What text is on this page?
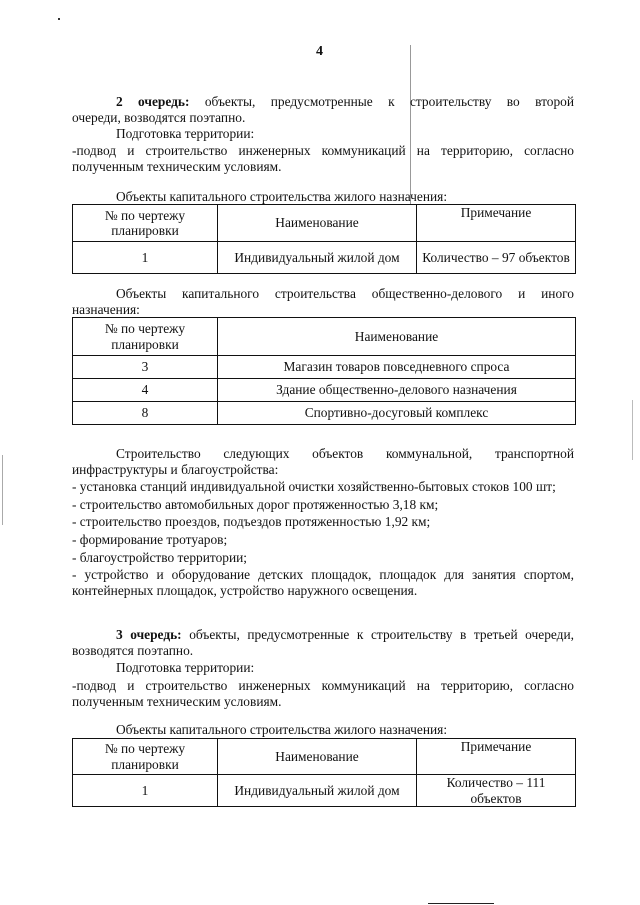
4
2 очередь: объекты, предусмотренные к строительству во второй
очереди, возводятся поэтапно.
Подготовка территории:
-подвод и строительство инженерных коммуникаций на территорию, согласно
полученным техническим условиям.
Объекты капитального строительства жилого назначения:
№ по чертежу планировки	Наименование	Примечание
1	Индивидуальный жилой дом	Количество – 97 объектов
Объекты капитального строительства общественно-делового и иного
назначения:
№ по чертежу планировки	Наименование
3	Магазин товаров повседневного спроса
4	Здание общественно-делового назначения
8	Спортивно-досуговый комплекс
Строительство следующих объектов коммунальной, транспортной
инфраструктуры и благоустройства:
- установка станций индивидуальной очистки хозяйственно-бытовых стоков 100 шт;
- строительство автомобильных дорог протяженностью 3,18 км;
- строительство проездов, подъездов протяженностью 1,92 км;
- формирование тротуаров;
- благоустройство территории;
- устройство и оборудование детских площадок, площадок для занятия спортом, контейнерных площадок, устройство наружного освещения.
3 очередь: объекты, предусмотренные к строительству в третьей очереди,
возводятся поэтапно.
Подготовка территории:
-подвод и строительство инженерных коммуникаций на территорию, согласно
полученным техническим условиям.
Объекты капитального строительства жилого назначения:
№ по чертежу планировки	Наименование	Примечание
1	Индивидуальный жилой дом	Количество – 111 объектов
